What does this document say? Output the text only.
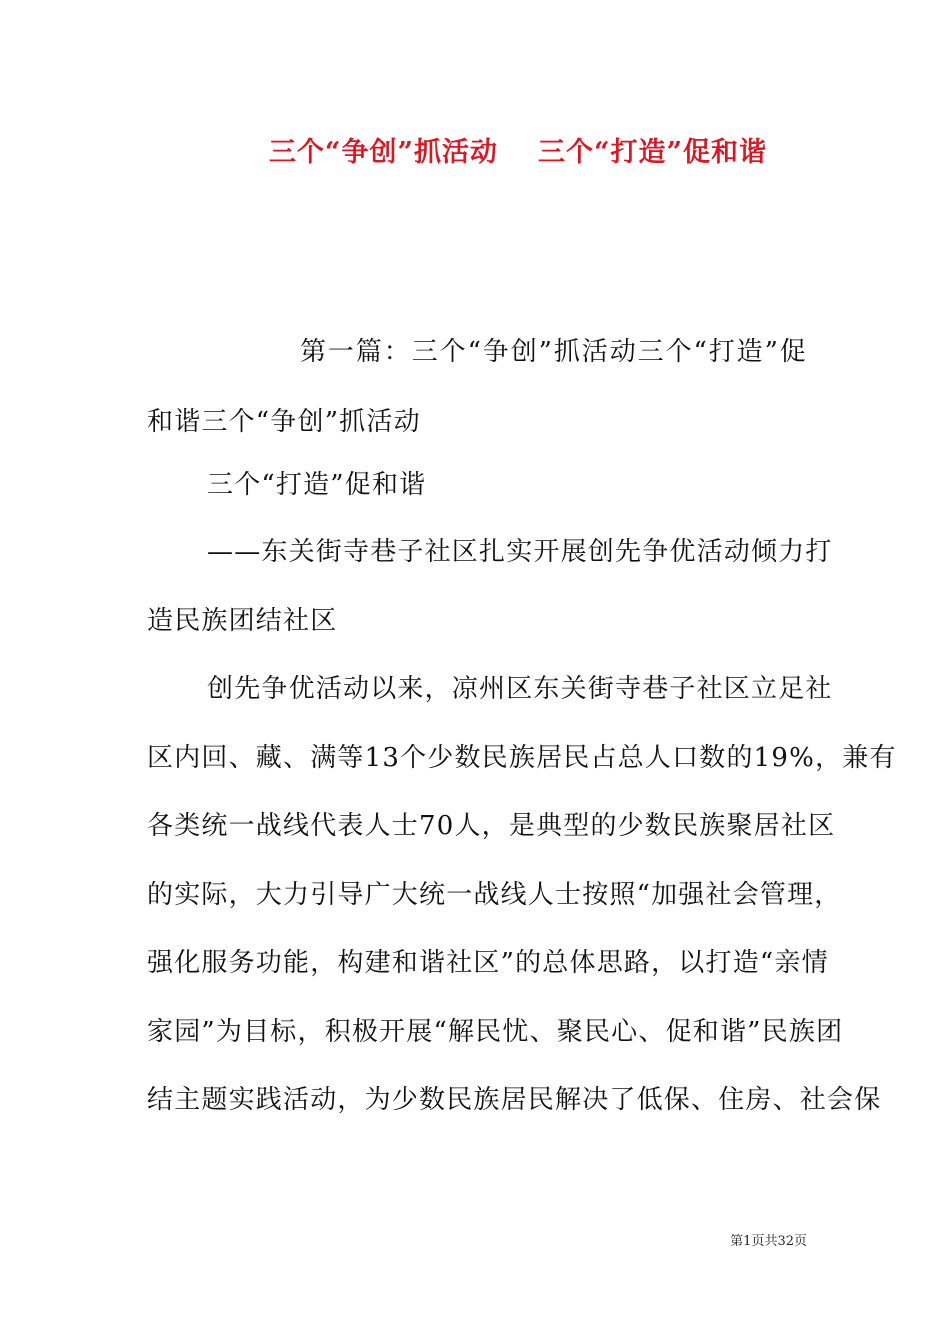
三个“争创”抓活动 三个“打造”促和谐
第一篇：三个“争创”抓活动三个“打造”促
和谐三个“争创”抓活动
三个“打造”促和谐
——东关街寺巷子社区扎实开展创先争优活动倾力打
造民族团结社区
创先争优活动以来，凉州区东关街寺巷子社区立足社
区内回、藏、满等13个少数民族居民占总人口数的19%，兼有
各类统一战线代表人士70人，是典型的少数民族聚居社区
的实际，大力引导广大统一战线人士按照“加强社会管理，
强化服务功能，构建和谐社区”的总体思路，以打造“亲情
家园”为目标，积极开展“解民忧、聚民心、促和谐”民族团
结主题实践活动，为少数民族居民解决了低保、住房、社会保
第1页共32页
